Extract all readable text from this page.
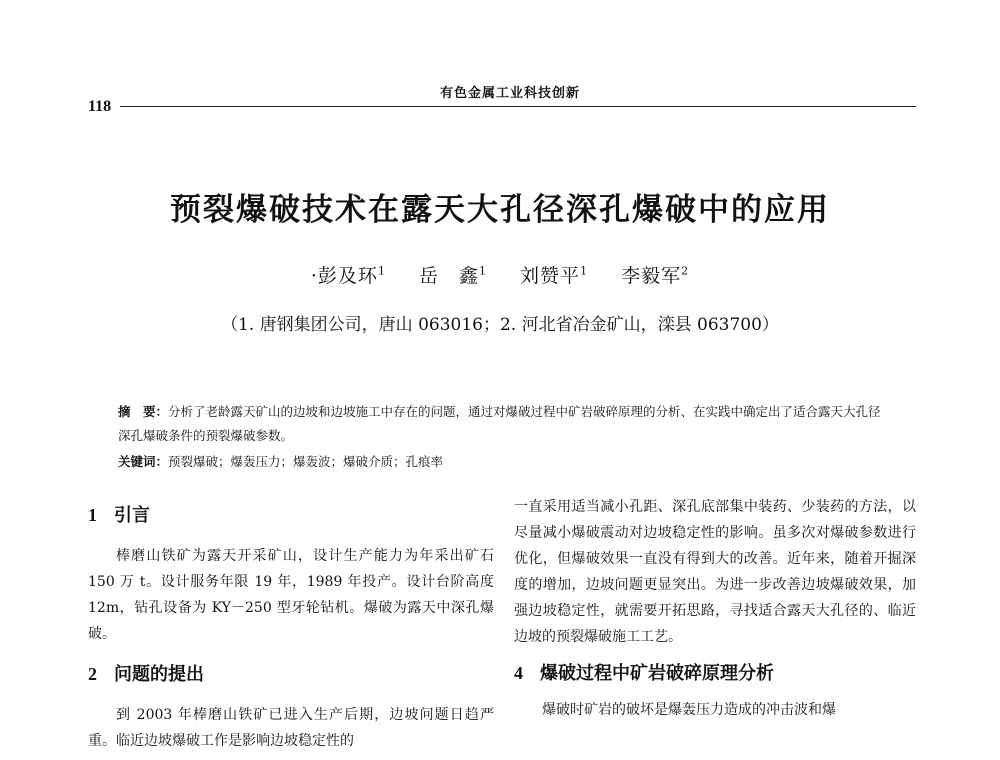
有色金属工业科技创新
118
预裂爆破技术在露天大孔径深孔爆破中的应用
·彭及环$^1$ 岳　鑫$^1$ 刘赞平$^1$ 李毅军$^2$
（1. 唐钢集团公司，唐山 063016；2. 河北省冶金矿山，滦县 063700）
摘　要：分析了老龄露天矿山的边坡和边坡施工中存在的问题，通过对爆破过程中矿岩破碎原理的分析、在实践中确定出了适合露天大孔径深孔爆破条件的预裂爆破参数。
关键词：预裂爆破；爆轰压力；爆轰波；爆破介质；孔痕率
1 引言

棒磨山铁矿为露天开采矿山，设计生产能力为年采出矿石 150 万 t。设计服务年限 19 年，1989 年投产。设计台阶高度 12m，钻孔设备为 KY－250 型牙轮钻机。爆破为露天中深孔爆破。

2 问题的提出

到 2003 年棒磨山铁矿已进入生产后期，边坡问题日趋严重。临近边坡爆破工作是影响边坡稳定性的

一直采用适当减小孔距、深孔底部集中装药、少装药的方法，以尽量减小爆破震动对边坡稳定性的影响。虽多次对爆破参数进行优化，但爆破效果一直没有得到大的改善。近年来，随着开掘深度的增加，边坡问题更显突出。为进一步改善边坡爆破效果，加强边坡稳定性，就需要开拓思路，寻找适合露天大孔径的、临近边坡的预裂爆破施工工艺。

4 爆破过程中矿岩破碎原理分析

爆破时矿岩的破坏是爆轰压力造成的冲击波和爆
